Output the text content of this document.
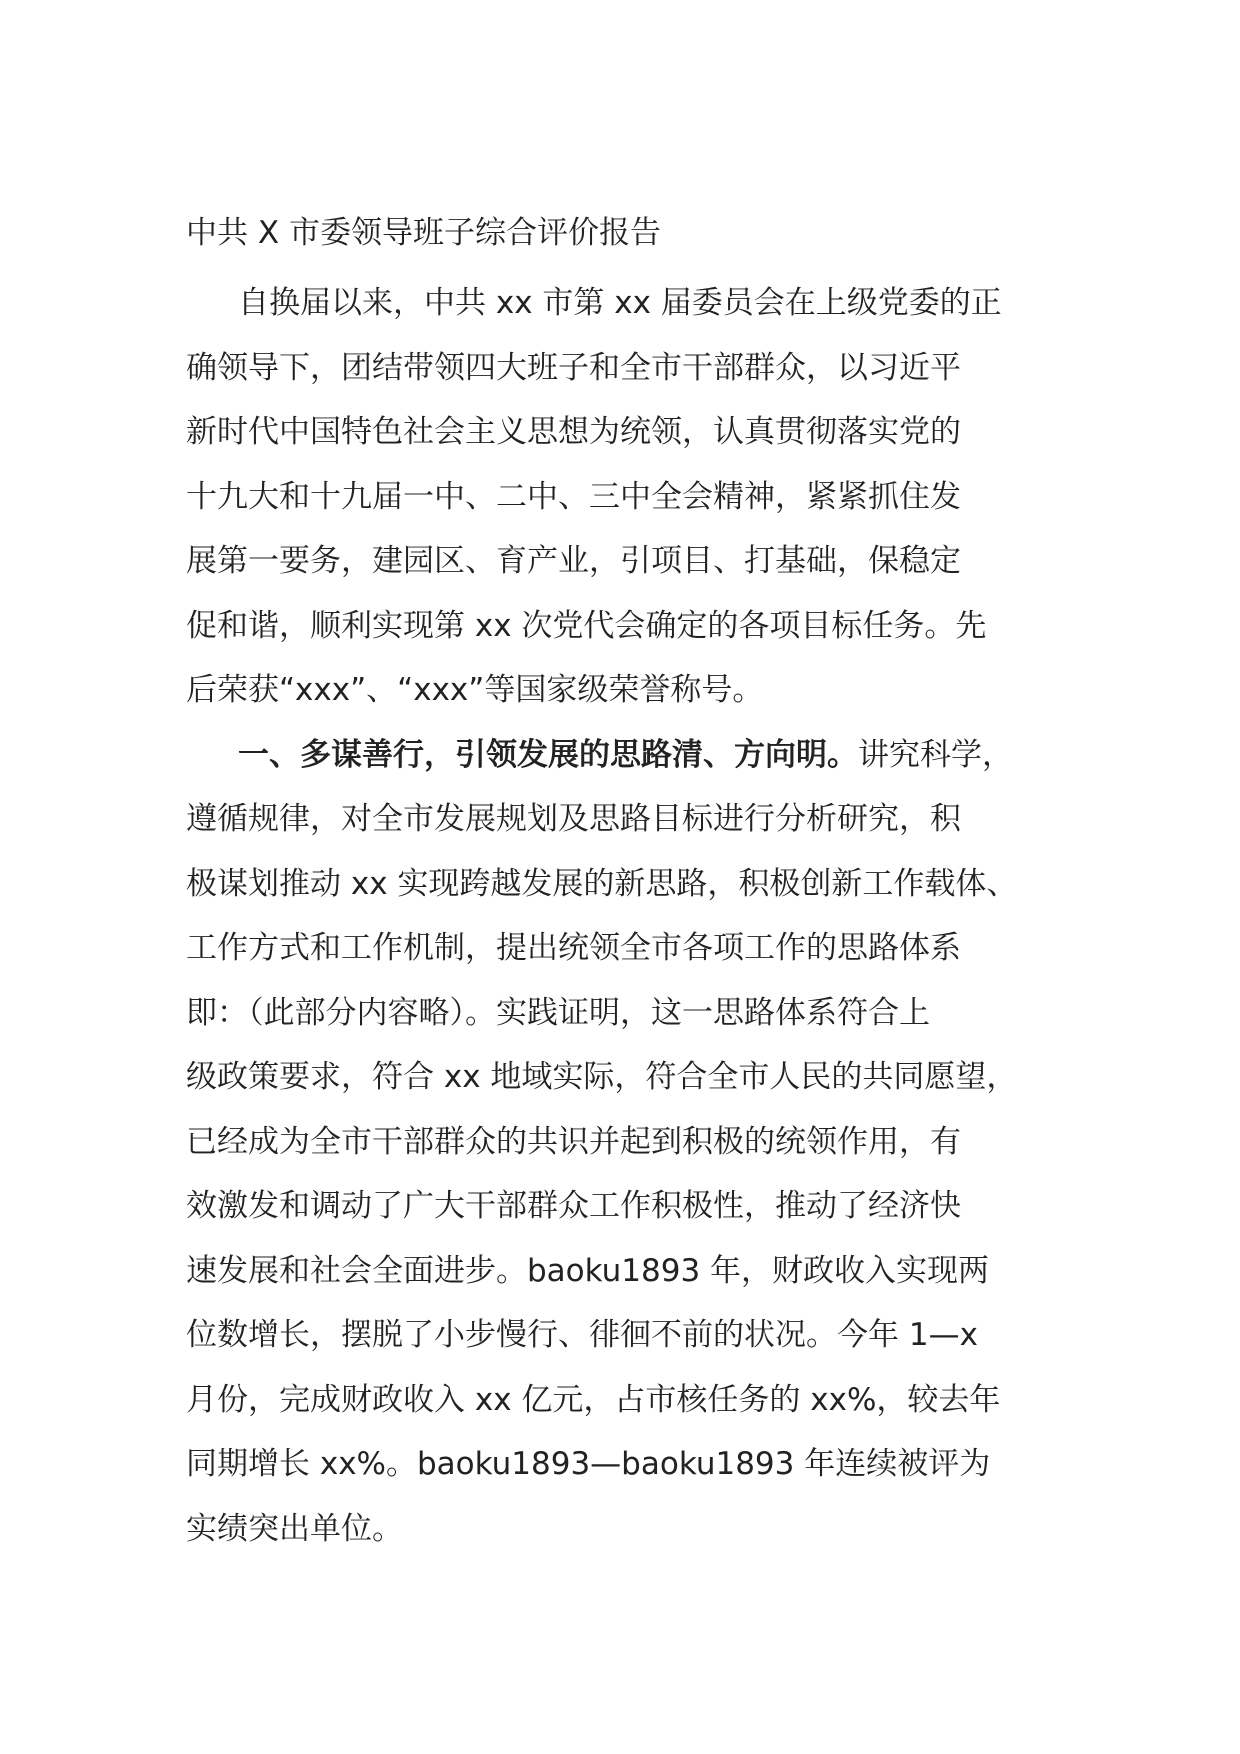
中共 X 市委领导班子综合评价报告
自换届以来，中共 xx 市第 xx 届委员会在上级党委的正
确领导下，团结带领四大班子和全市干部群众，以习近平
新时代中国特色社会主义思想为统领，认真贯彻落实党的
十九大和十九届一中、二中、三中全会精神，紧紧抓住发
展第一要务，建园区、育产业，引项目、打基础，保稳定
促和谐，顺利实现第 xx 次党代会确定的各项目标任务。先
后荣获“xxx”、“xxx”等国家级荣誉称号。
一、多谋善行，引领发展的思路清、方向明。讲究科学，
遵循规律，对全市发展规划及思路目标进行分析研究，积
极谋划推动 xx 实现跨越发展的新思路，积极创新工作载体、
工作方式和工作机制，提出统领全市各项工作的思路体系
即：（此部分内容略）。实践证明，这一思路体系符合上
级政策要求，符合 xx 地域实际，符合全市人民的共同愿望，
已经成为全市干部群众的共识并起到积极的统领作用，有
效激发和调动了广大干部群众工作积极性，推动了经济快
速发展和社会全面进步。baoku1893 年，财政收入实现两
位数增长，摆脱了小步慢行、徘徊不前的状况。今年 1—x
月份，完成财政收入 xx 亿元，占市核任务的 xx%，较去年
同期增长 xx%。baoku1893—baoku1893 年连续被评为
实绩突出单位。
